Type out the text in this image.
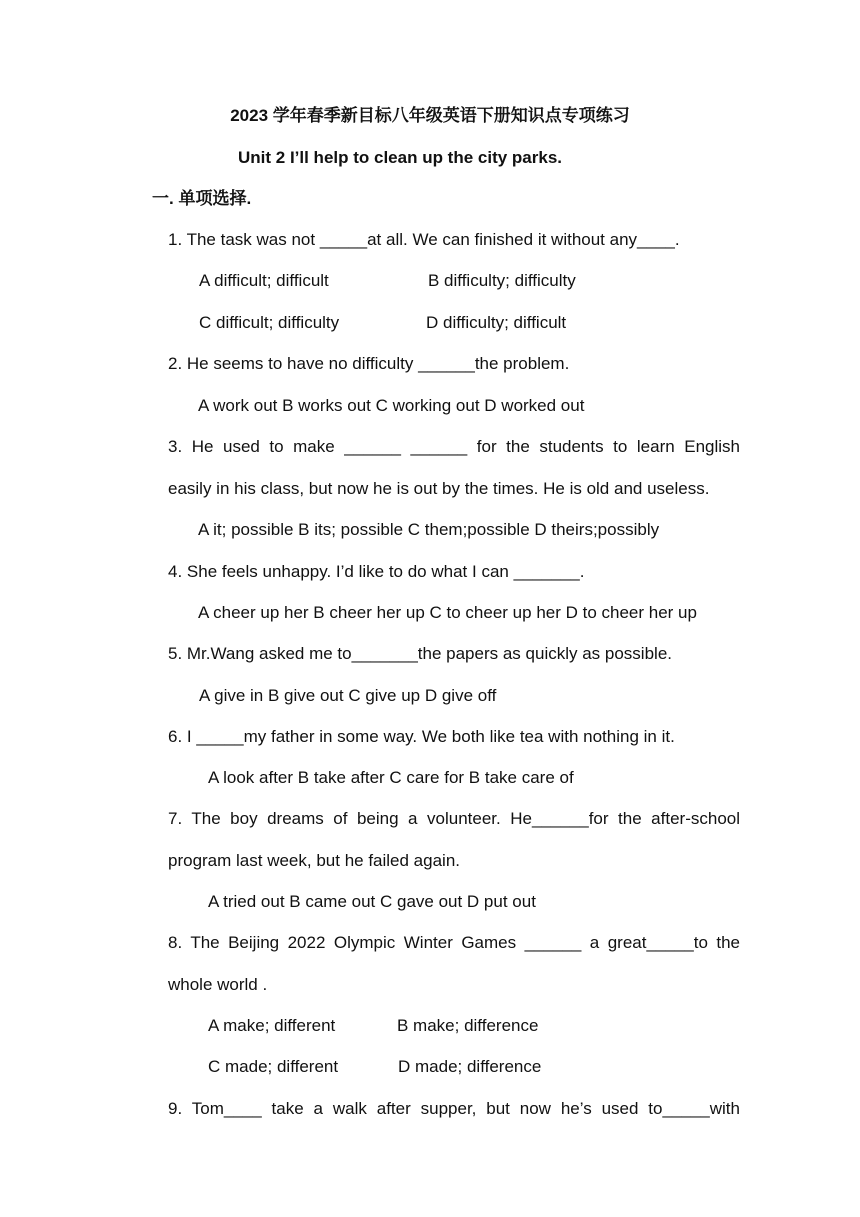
2023 学年春季新目标八年级英语下册知识点专项练习
Unit 2 I’ll help to clean up the city parks.
一. 单项选择.
1. The task was not _____at all. We can finished it without any____.
A difficult; difficult	B difficulty; difficulty
C difficult; difficulty	D difficulty; difficult
2. He seems to have no difficulty ______the problem.
A work out B works out C working out D worked out
3. He used to make ______ ______ for the students to learn English
easily in his class, but now he is out by the times. He is old and useless.
A it; possible B its; possible C them;possible D theirs;possibly
4. She feels unhappy. I’d like to do what I can _______.
A cheer up her B cheer her up C to cheer up her D to cheer her up
5. Mr.Wang asked me to_______the papers as quickly as possible.
A give in B give out C give up D give off
6. I _____my father in some way. We both like tea with nothing in it.
A look after B take after C care for B take care of
7. The boy dreams of being a volunteer. He______for the after-school
program last week, but he failed again.
A tried out B came out C gave out D put out
8. The Beijing 2022 Olympic Winter Games ______ a great_____to the
whole world .
A make; different	B make; difference
C made; different	D made; difference
9. Tom____ take a walk after supper, but now he’s used to_____with
